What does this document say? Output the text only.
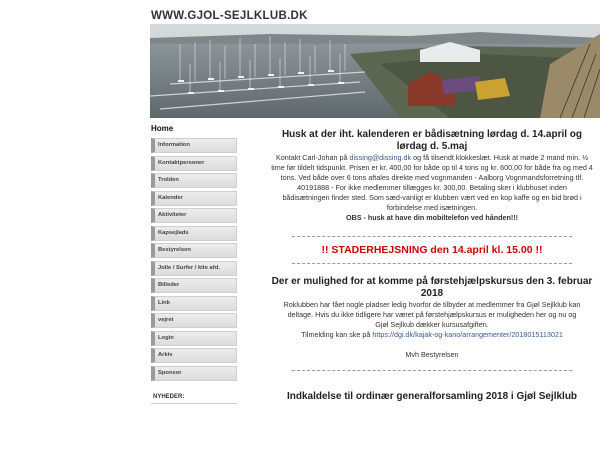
WWW.GJOL-SEJLKLUB.DK
Home
Information
Kontaktpersoner
Trolden
Kalender
Aktiviteter
Kapsejlads
Bestyrelsen
Jolle / Surfer / kite afd.
Billeder
Link
vejret
Login
Arkiv
Sponsor
NYHEDER:
Husk at der iht. kalenderen er bådisætning lørdag d. 14.april og
lørdag d. 5.maj
Kontakt Carl-Johan på dissing@dissing.dk og få tilsendt klokkeslæt. Husk at møde 2 mand min. ½
time før tildelt tidspunkt. Prisen er kr. 400,00 for både op til 4 tons og kr. 600,00 for både fra og med 4
tons. Ved både over 6 tons aftales direkte med vognmanden - Aalborg Vognmandsforretning tlf.
40191888 - For ikke medlemmer tillægges kr. 300,00. Betaling sker i klubhuset inden
bådisætningen finder sted. Som sæd-vanligt er klubben vært ved en kop kaffe og en bid brød i
forbindelse med isætningen.
OBS - husk at have din mobiltelefon ved hånden!!!
!! STADERHEJSNING den 14.april kl. 15.00 !!
Der er mulighed for at komme på førstehjælpskursus den 3. februar
2018
Roklubben har fået nogle pladser ledig hvorfor de tilbyder at medlemmer fra Gjøl Sejlklub kan
deltage. Hvis du ikke tidligere har været på førstehjælpskursus er muligheden her og nu og
Gjøl Sejlkub dækker kursusafgiften.
Tilmelding kan ske på https://dgi.dk/kajak-og-kano/arrangementer/201801511302​1
Mvh Bestyrelsen
Indkaldelse til ordinær generalforsamling 2018 i Gjøl Sejlklub
